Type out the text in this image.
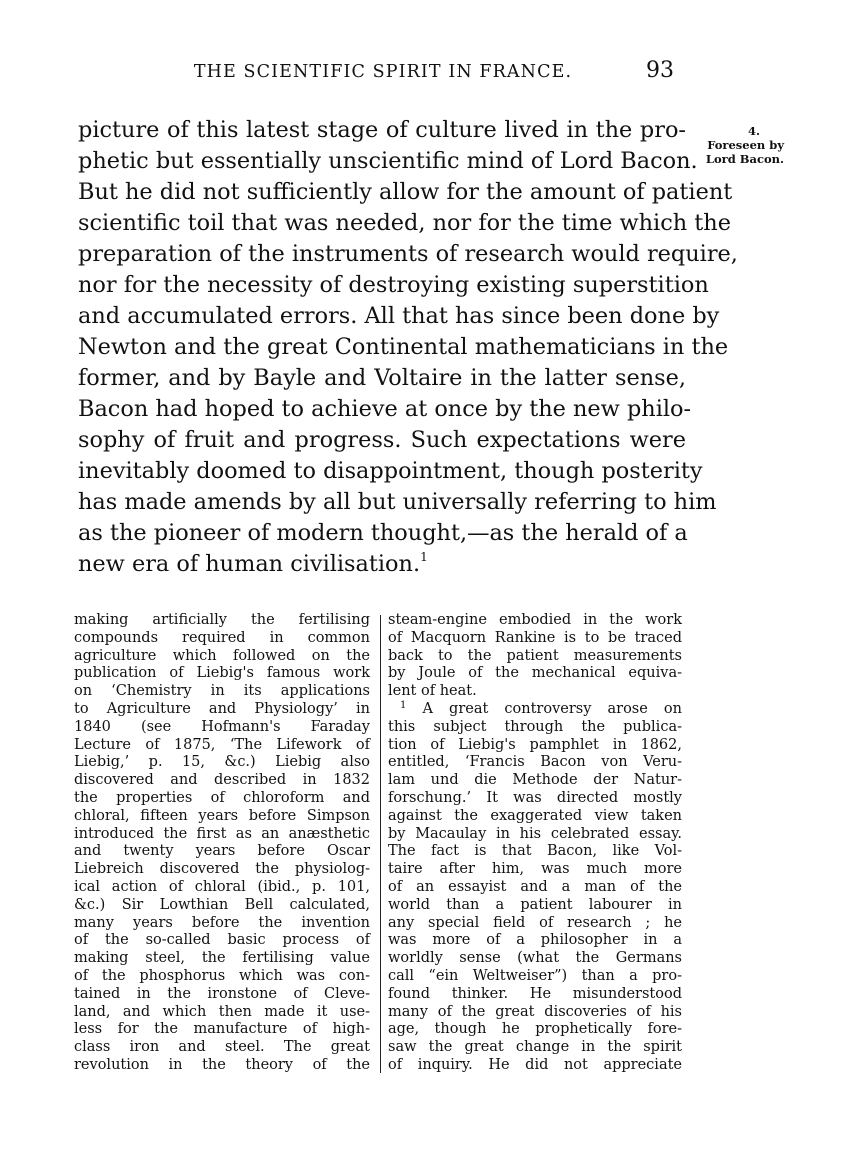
THE SCIENTIFIC SPIRIT IN FRANCE.	93
4.
Foreseen by
Lord Bacon.
picture of this latest stage of culture lived in the pro-
phetic but essentially unscientific mind of Lord Bacon.
But he did not sufficiently allow for the amount of patient
scientific toil that was needed, nor for the time which the
preparation of the instruments of research would require,
nor for the necessity of destroying existing superstition
and accumulated errors. All that has since been done by
Newton and the great Continental mathematicians in the
former, and by Bayle and Voltaire in the latter sense,
Bacon had hoped to achieve at once by the new philo-
sophy of fruit and progress. Such expectations were
inevitably doomed to disappointment, though posterity
has made amends by all but universally referring to him
as the pioneer of modern thought,—as the herald of a
new era of human civilisation.$^1$
making artificially the fertilising
compounds required in common
agriculture which followed on the
publication of Liebig's famous work
on ‘Chemistry in its applications
to Agriculture and Physiology’ in
1840 (see Hofmann's Faraday
Lecture of 1875, ‘The Lifework of
Liebig,’ p. 15, &c.) Liebig also
discovered and described in 1832
the properties of chloroform and
chloral, fifteen years before Simpson
introduced the first as an anæsthetic
and twenty years before Oscar
Liebreich discovered the physiolog-
ical action of chloral (ibid., p. 101,
&c.) Sir Lowthian Bell calculated,
many years before the invention
of the so-called basic process of
making steel, the fertilising value
of the phosphorus which was con-
tained in the ironstone of Cleve-
land, and which then made it use-
less for the manufacture of high-
class iron and steel. The great
revolution in the theory of the
steam-engine embodied in the work
of Macquorn Rankine is to be traced
back to the patient measurements
by Joule of the mechanical equiva-
lent of heat.
$^1$ A great controversy arose on
this subject through the publica-
tion of Liebig's pamphlet in 1862,
entitled, ‘Francis Bacon von Veru-
lam und die Methode der Natur-
forschung.’ It was directed mostly
against the exaggerated view taken
by Macaulay in his celebrated essay.
The fact is that Bacon, like Vol-
taire after him, was much more
of an essayist and a man of the
world than a patient labourer in
any special field of research ; he
was more of a philosopher in a
worldly sense (what the Germans
call “ein Weltweiser”) than a pro-
found thinker. He misunderstood
many of the great discoveries of his
age, though he prophetically fore-
saw the great change in the spirit
of inquiry. He did not appreciate
